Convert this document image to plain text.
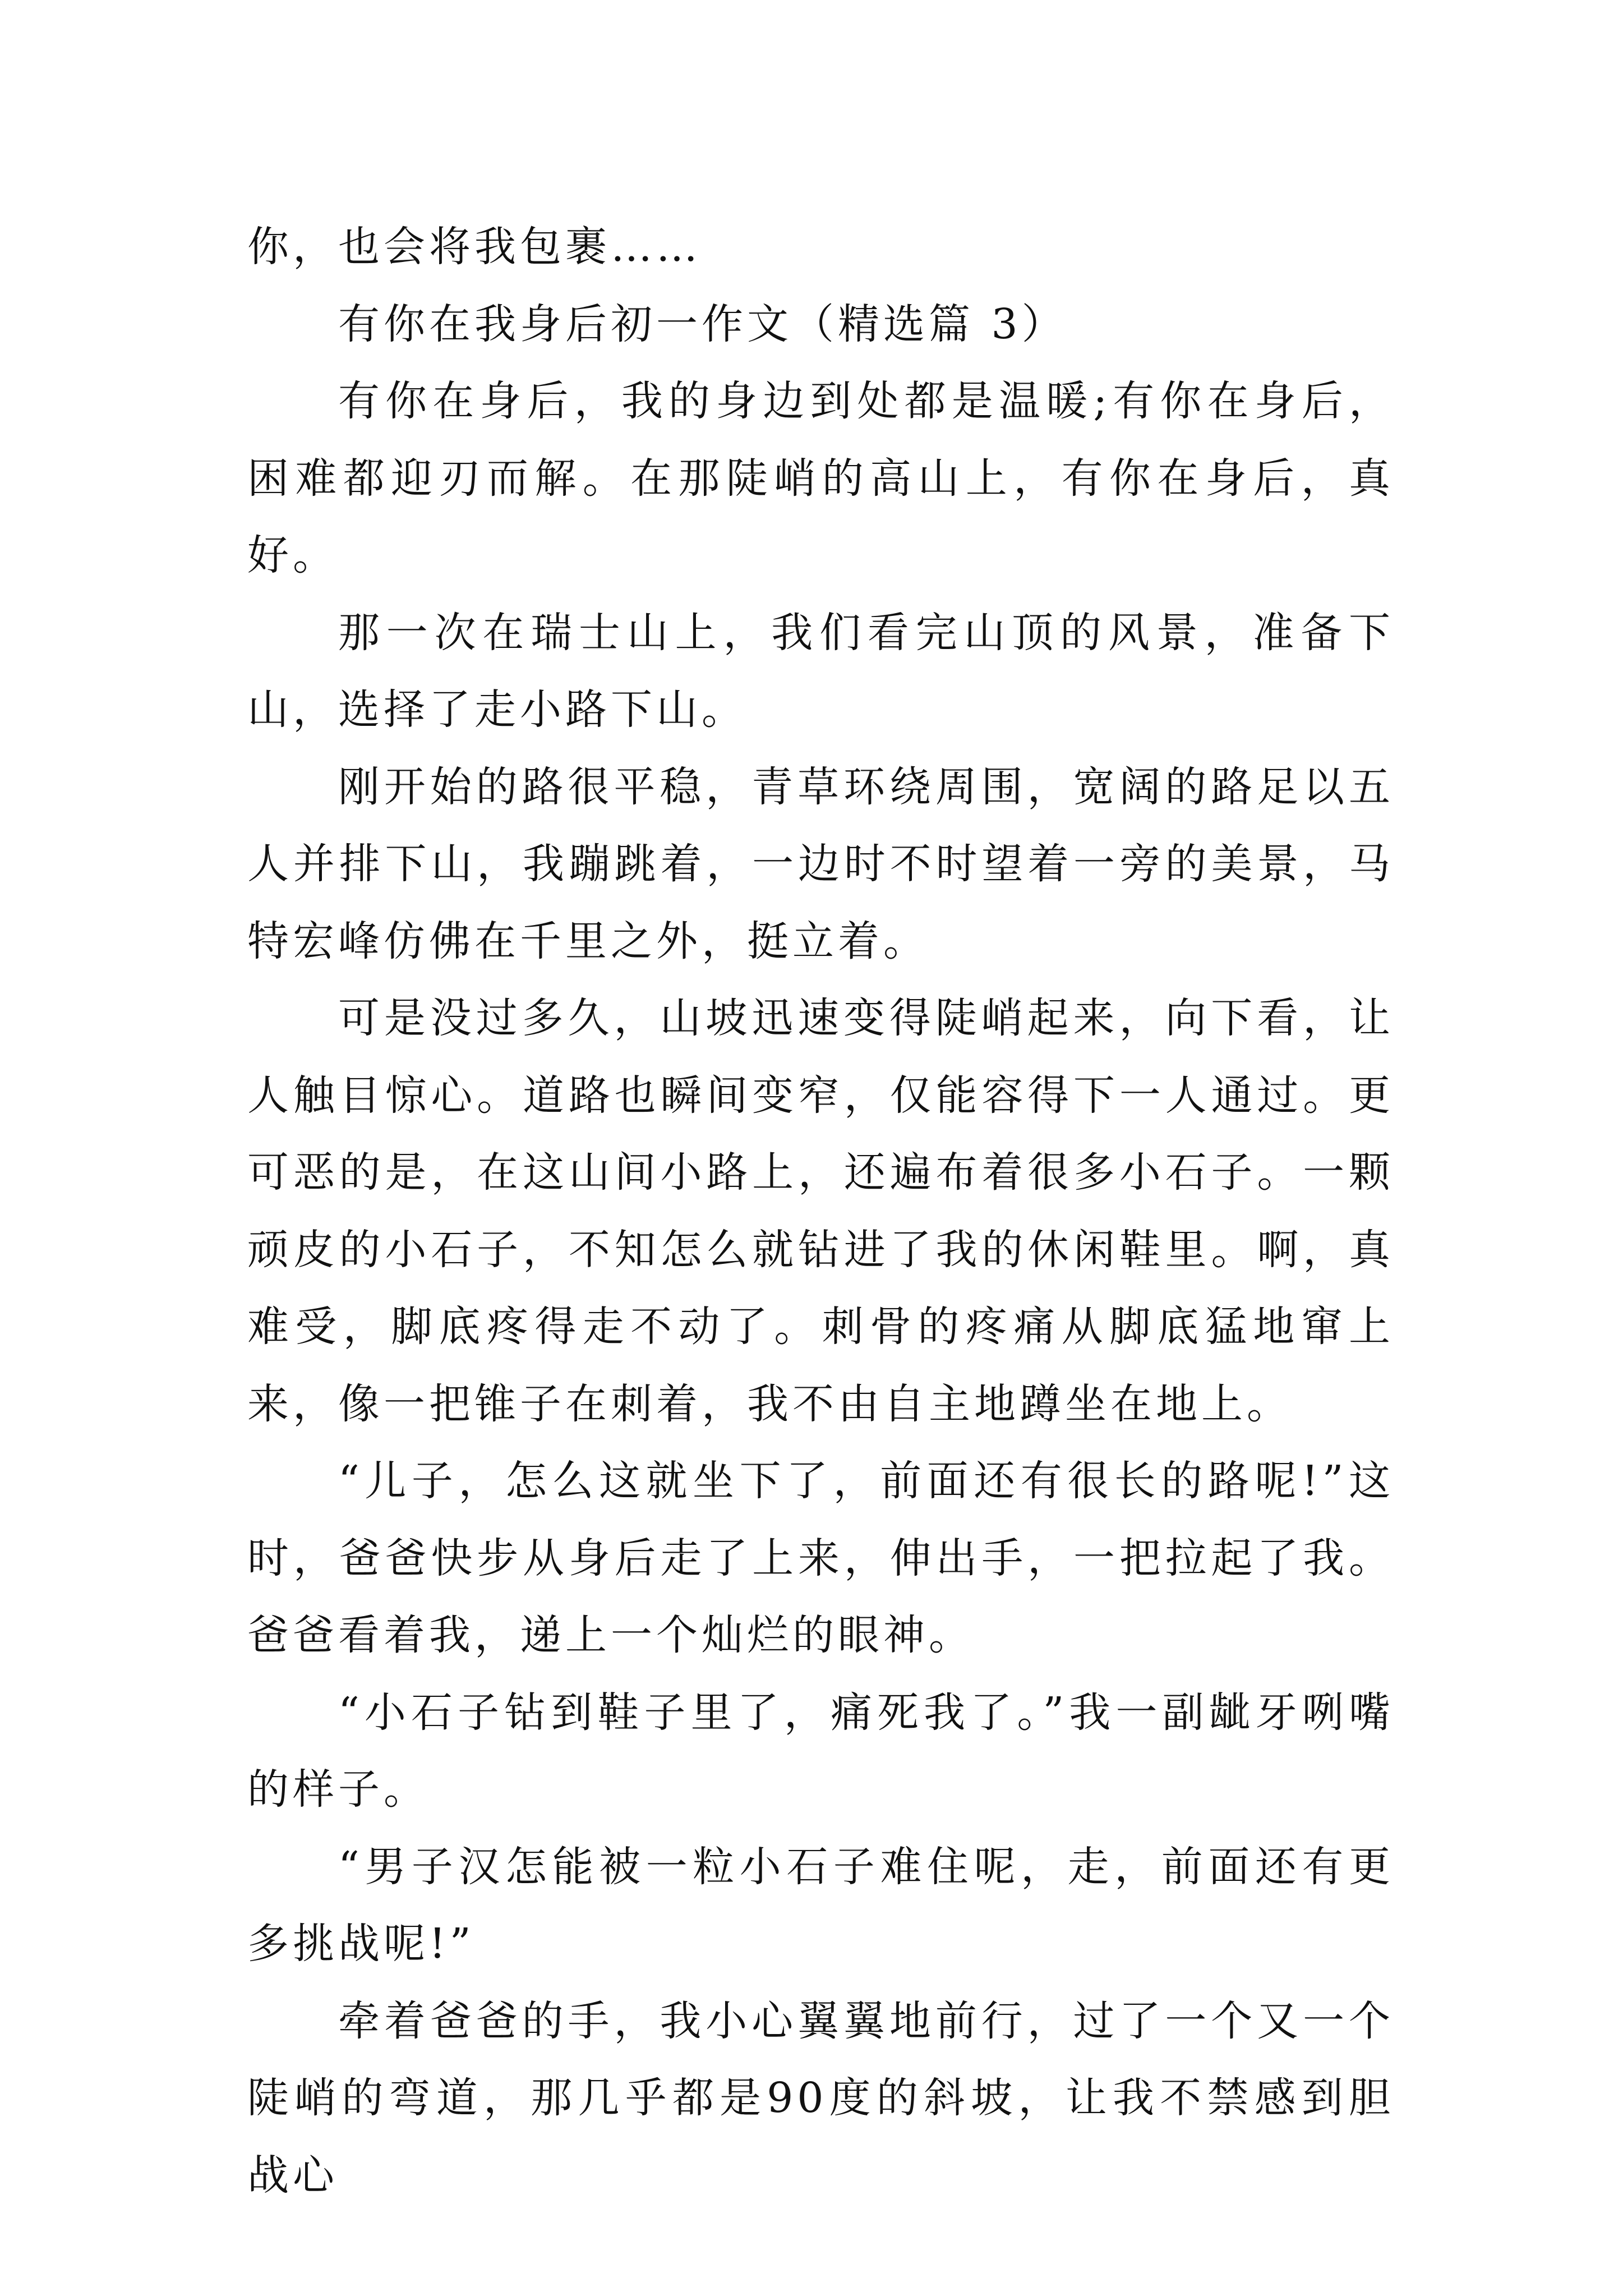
你，也会将我包裹……

有你在我身后初一作文（精选篇 3）

有你在身后，我的身边到处都是温暖;有你在身后，困难都迎刃而解。在那陡峭的高山上，有你在身后，真好。

那一次在瑞士山上，我们看完山顶的风景，准备下山，选择了走小路下山。

刚开始的路很平稳，青草环绕周围，宽阔的路足以五人并排下山，我蹦跳着，一边时不时望着一旁的美景，马特宏峰仿佛在千里之外，挺立着。

可是没过多久，山坡迅速变得陡峭起来，向下看，让人触目惊心。道路也瞬间变窄，仅能容得下一人通过。更可恶的是，在这山间小路上，还遍布着很多小石子。一颗顽皮的小石子，不知怎么就钻进了我的休闲鞋里。啊，真难受，脚底疼得走不动了。刺骨的疼痛从脚底猛地窜上来，像一把锥子在刺着，我不由自主地蹲坐在地上。

“儿子，怎么这就坐下了，前面还有很长的路呢!”这时，爸爸快步从身后走了上来，伸出手，一把拉起了我。爸爸看着我，递上一个灿烂的眼神。

“小石子钻到鞋子里了，痛死我了。”我一副龇牙咧嘴的样子。

“男子汉怎能被一粒小石子难住呢，走，前面还有更多挑战呢!”

牵着爸爸的手，我小心翼翼地前行，过了一个又一个陡峭的弯道，那几乎都是90度的斜坡，让我不禁感到胆战心
